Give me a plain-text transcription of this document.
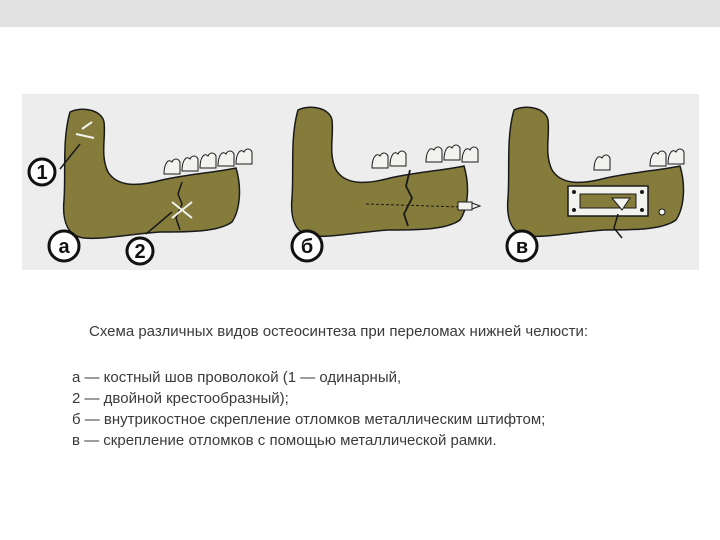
1
2
а	б	в
Схема различных видов остеосинтеза при переломах нижней челюсти:
а — костный шов проволокой (1 — одинарный,
2 — двойной крестообразный);
б — внутрикостное скрепление отломков металлическим штифтом;
в — скрепление отломков с помощью металлической рамки.
